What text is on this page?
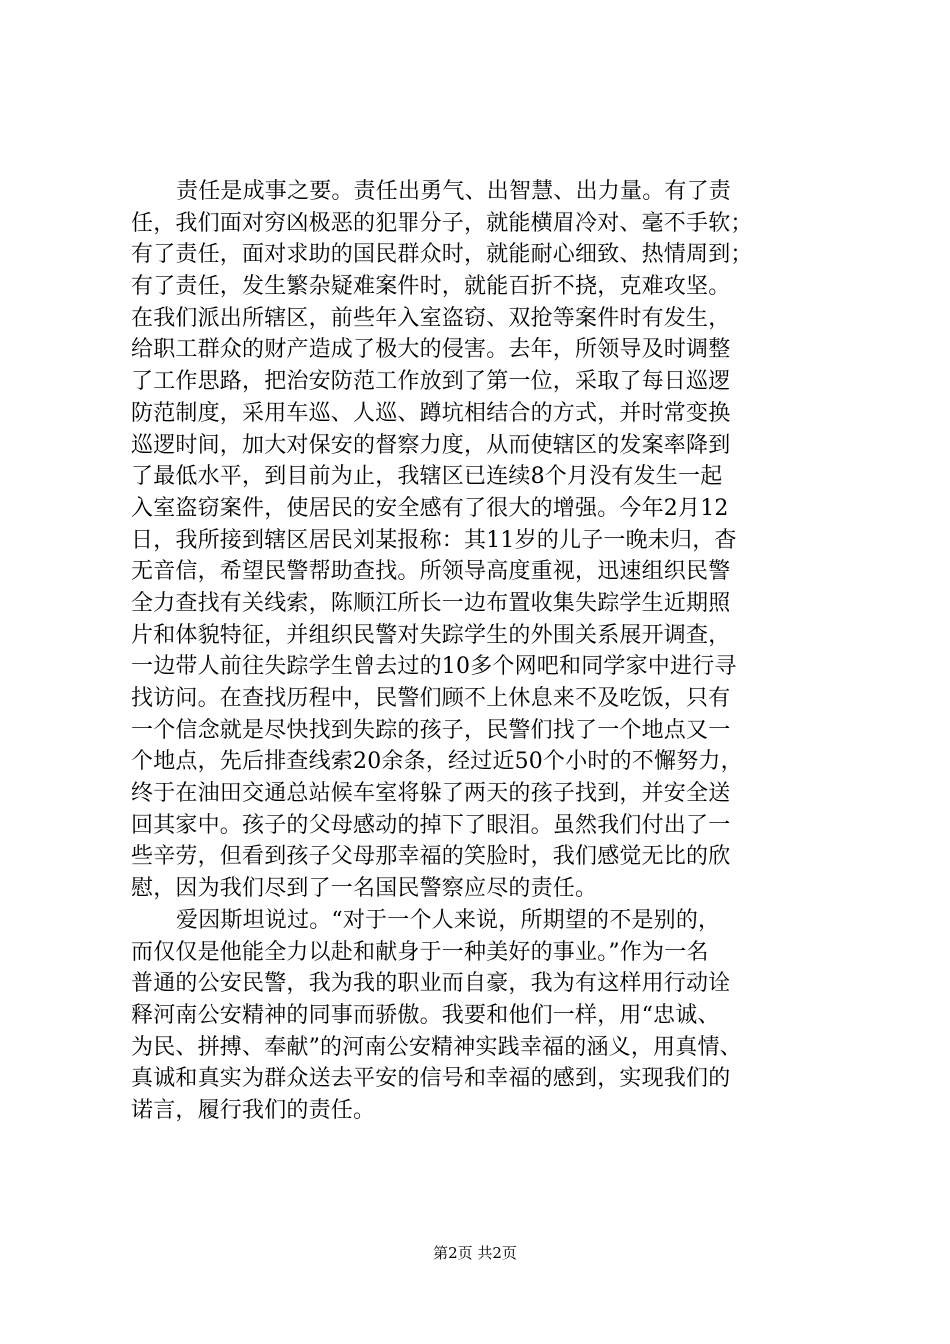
责任是成事之要。责任出勇气、出智慧、出力量。有了责
任，我们面对穷凶极恶的犯罪分子，就能横眉冷对、毫不手软；
有了责任，面对求助的国民群众时，就能耐心细致、热情周到；
有了责任，发生繁杂疑难案件时，就能百折不挠，克难攻坚。
在我们派出所辖区，前些年入室盗窃、双抢等案件时有发生，
给职工群众的财产造成了极大的侵害。去年，所领导及时调整
了工作思路，把治安防范工作放到了第一位，采取了每日巡逻
防范制度，采用车巡、人巡、蹲坑相结合的方式，并时常变换
巡逻时间，加大对保安的督察力度，从而使辖区的发案率降到
了最低水平，到目前为止，我辖区已连续8个月没有发生一起
入室盗窃案件，使居民的安全感有了很大的增强。今年2月12
日，我所接到辖区居民刘某报称：其11岁的儿子一晚未归，杳
无音信，希望民警帮助查找。所领导高度重视，迅速组织民警
全力查找有关线索，陈顺江所长一边布置收集失踪学生近期照
片和体貌特征，并组织民警对失踪学生的外围关系展开调查，
一边带人前往失踪学生曾去过的10多个网吧和同学家中进行寻
找访问。在查找历程中，民警们顾不上休息来不及吃饭，只有
一个信念就是尽快找到失踪的孩子，民警们找了一个地点又一
个地点，先后排查线索20余条，经过近50个小时的不懈努力，
终于在油田交通总站候车室将躲了两天的孩子找到，并安全送
回其家中。孩子的父母感动的掉下了眼泪。虽然我们付出了一
些辛劳，但看到孩子父母那幸福的笑脸时，我们感觉无比的欣
慰，因为我们尽到了一名国民警察应尽的责任。
爱因斯坦说过。“对于一个人来说，所期望的不是别的，
而仅仅是他能全力以赴和献身于一种美好的事业。”作为一名
普通的公安民警，我为我的职业而自豪，我为有这样用行动诠
释河南公安精神的同事而骄傲。我要和他们一样，用“忠诚、
为民、拼搏、奉献”的河南公安精神实践幸福的涵义，用真情、
真诚和真实为群众送去平安的信号和幸福的感到，实现我们的
诺言，履行我们的责任。
第2页 共2页
